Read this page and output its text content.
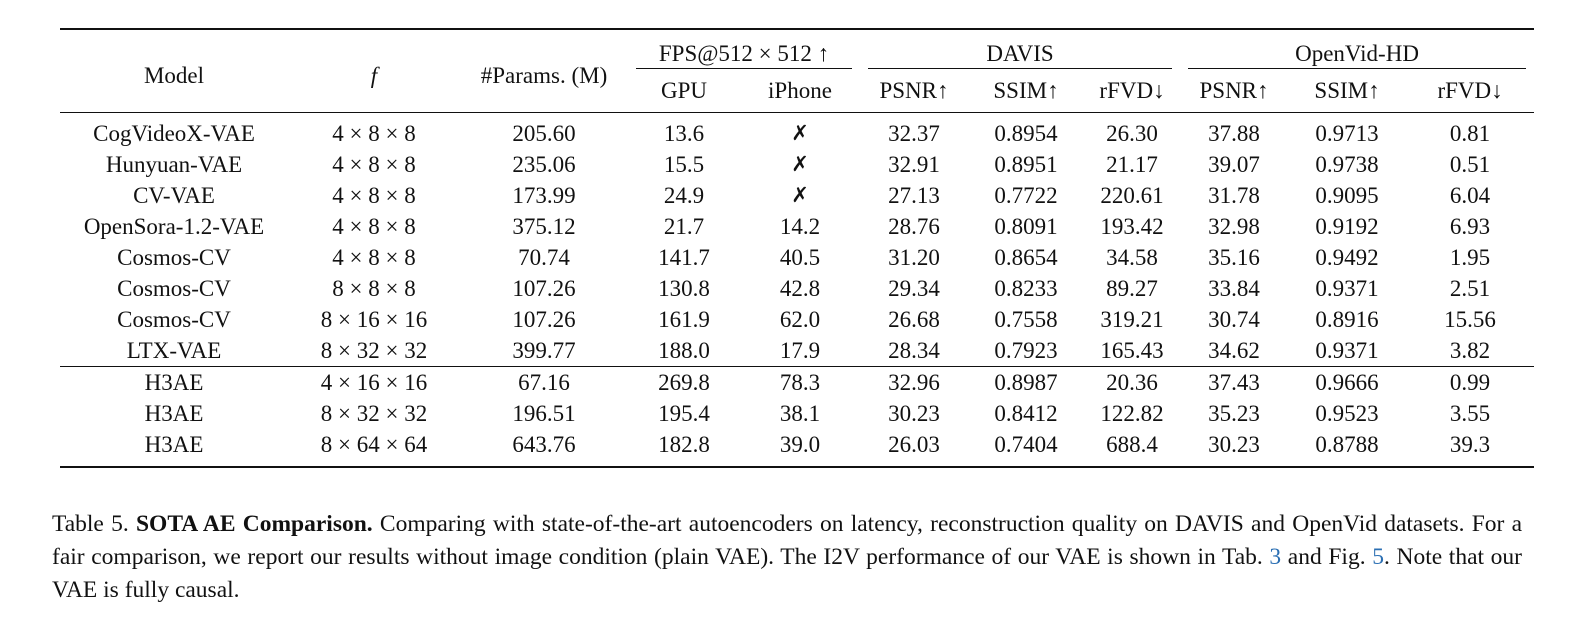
Model	f	#Params. (M)	FPS@512 × 512 ↑		DAVIS			OpenVid-HD		

			GPU	iPhone	PSNR↑	SSIM↑	rFVD↓	PSNR↑	SSIM↑	rFVD↓
CogVideoX-VAE	4 × 8 × 8	205.60	13.6	✗	32.37	0.8954	26.30	37.88	0.9713	0.81
Hunyuan-VAE	4 × 8 × 8	235.06	15.5	✗	32.91	0.8951	21.17	39.07	0.9738	0.51
CV-VAE	4 × 8 × 8	173.99	24.9	✗	27.13	0.7722	220.61	31.78	0.9095	6.04
OpenSora-1.2-VAE	4 × 8 × 8	375.12	21.7	14.2	28.76	0.8091	193.42	32.98	0.9192	6.93
Cosmos-CV	4 × 8 × 8	70.74	141.7	40.5	31.20	0.8654	34.58	35.16	0.9492	1.95
Cosmos-CV	8 × 8 × 8	107.26	130.8	42.8	29.34	0.8233	89.27	33.84	0.9371	2.51
Cosmos-CV	8 × 16 × 16	107.26	161.9	62.0	26.68	0.7558	319.21	30.74	0.8916	15.56
LTX-VAE	8 × 32 × 32	399.77	188.0	17.9	28.34	0.7923	165.43	34.62	0.9371	3.82
H3AE	4 × 16 × 16	67.16	269.8	78.3	32.96	0.8987	20.36	37.43	0.9666	0.99
H3AE	8 × 32 × 32	196.51	195.4	38.1	30.23	0.8412	122.82	35.23	0.9523	3.55
H3AE	8 × 64 × 64	643.76	182.8	39.0	26.03	0.7404	688.4	30.23	0.8788	39.3
Table 5. SOTA AE Comparison. Comparing with state-of-the-art autoencoders on latency, reconstruction quality on DAVIS and OpenVid datasets. For a fair comparison, we report our results without image condition (plain VAE). The I2V performance of our VAE is shown in Tab. 3 and Fig. 5. Note that our VAE is fully causal.
